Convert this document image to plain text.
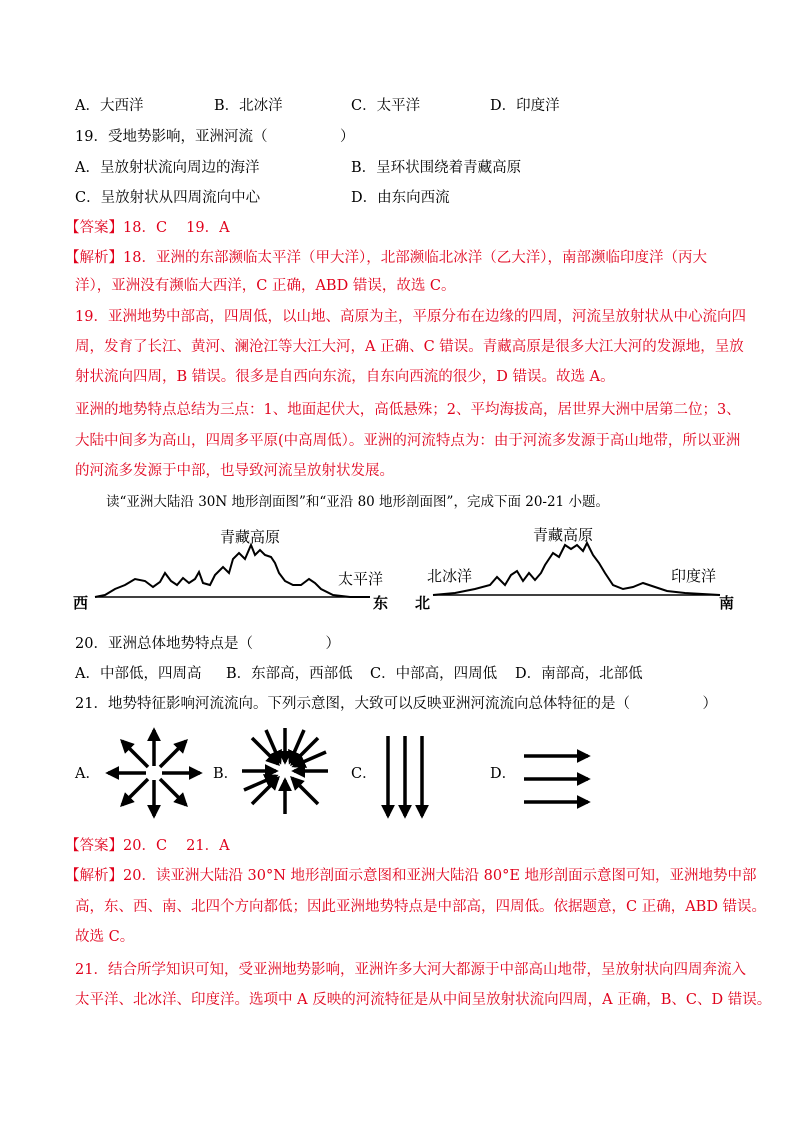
A．大西洋	B．北冰洋	C．太平洋	D．印度洋
19．受地势影响，亚洲河流（　　　　　）
A．呈放射状流向周边的海洋	B．呈环状围绕着青藏高原
C．呈放射状从四周流向中心	D．由东向西流
【答案】18．C　 19．A
【解析】18．亚洲的东部濒临太平洋（甲大洋），北部濒临北冰洋（乙大洋），南部濒临印度洋（丙大
洋），亚洲没有濒临大西洋，C 正确，ABD 错误，故选 C。
19．亚洲地势中部高，四周低，以山地、高原为主，平原分布在边缘的四周，河流呈放射状从中心流向四
周，发育了长江、黄河、澜沧江等大江大河，A 正确、C 错误。青藏高原是很多大江大河的发源地，呈放
射状流向四周，B 错误。很多是自西向东流，自东向西流的很少，D 错误。故选 A。
亚洲的地势特点总结为三点：1、地面起伏大，高低悬殊；2、平均海拔高，居世界大洲中居第二位；3、
大陆中间多为高山，四周多平原(中高周低）。亚洲的河流特点为：由于河流多发源于高山地带，所以亚洲
的河流多发源于中部，也导致河流呈放射状发展。
读“亚洲大陆沿 30N 地形剖面图”和“亚沿 80 地形剖面图”，完成下面 20-21 小题。
青藏高原
太平洋
西	东
青藏高原
北冰洋	印度洋
北	南
20．亚洲总体地势特点是（　　　　　）
A．中部低，四周高 B．东部高，西部低 C．中部高，四周低 D．南部高，北部低
21．地势特征影响河流流向。下列示意图，大致可以反映亚洲河流流向总体特征的是（　　　　　）
A．	B．	C．	D．
【答案】20．C　 21．A
【解析】20．读亚洲大陆沿 30°N 地形剖面示意图和亚洲大陆沿 80°E 地形剖面示意图可知，亚洲地势中部
高，东、西、南、北四个方向都低；因此亚洲地势特点是中部高，四周低。依据题意，C 正确，ABD 错误。
故选 C。
21．结合所学知识可知，受亚洲地势影响，亚洲许多大河大都源于中部高山地带，呈放射状向四周奔流入
太平洋、北冰洋、印度洋。选项中 A 反映的河流特征是从中间呈放射状流向四周，A 正确，B、C、D 错误。
